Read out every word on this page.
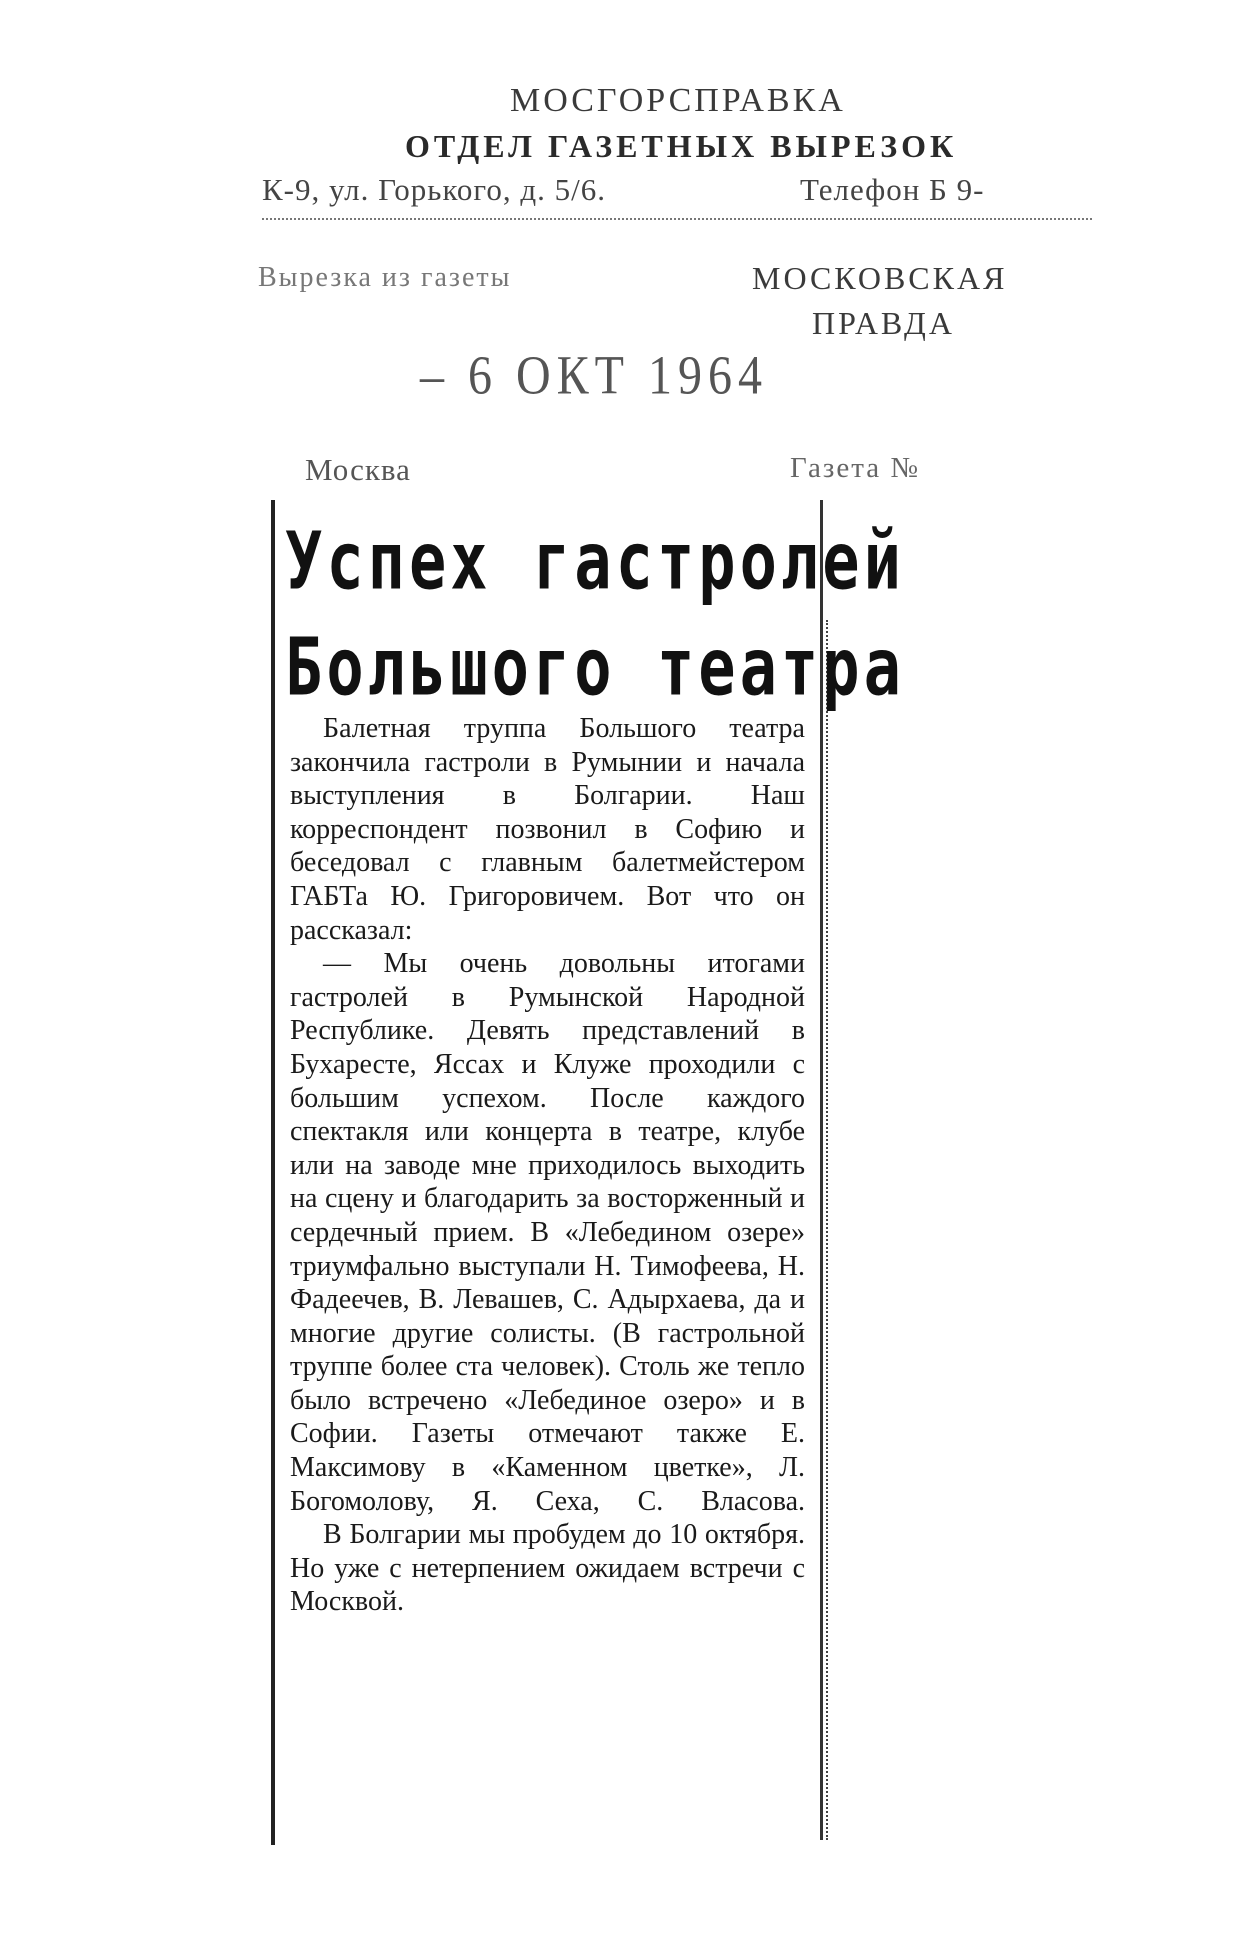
МОСГОРСПРАВКА
ОТДЕЛ ГАЗЕТНЫХ ВЫРЕЗОК
К-9, ул. Горького, д. 5/6.	Телефон Б 9-
Вырезка из газеты	МОСКОВСКАЯ
ПРАВДА
– 6 ОКТ 1964
Москва	Газета №
Успех гастролей
Большого театра

Балетная труппа Большого театра закончила гастроли в Румынии и начала выступления в Болгарии. Наш корреспондент позвонил в Софию и беседовал с главным балетмейстером ГАБТа Ю. Григоровичем. Вот что он рассказал:

— Мы очень довольны итогами гастролей в Румынской Народной Республике. Девять представлений в Бухаресте, Яссах и Клуже проходили с большим успехом. После каждого спектакля или концерта в театре, клубе или на заводе мне приходилось выходить на сцену и благодарить за восторженный и сердечный прием. В «Лебедином озере» триумфально выступали Н. Тимофеева, Н. Фадеечев, В. Левашев, С. Адырхаева, да и многие другие солисты. (В гастрольной труппе более ста человек). Столь же тепло было встречено «Лебединое озеро» и в Софии. Газеты отмечают также Е. Максимову в «Каменном цветке», Л. Богомолову, Я. Сеха, С. Власова.

В Болгарии мы пробудем до 10 октября. Но уже с нетерпением ожидаем встречи с Москвой.
